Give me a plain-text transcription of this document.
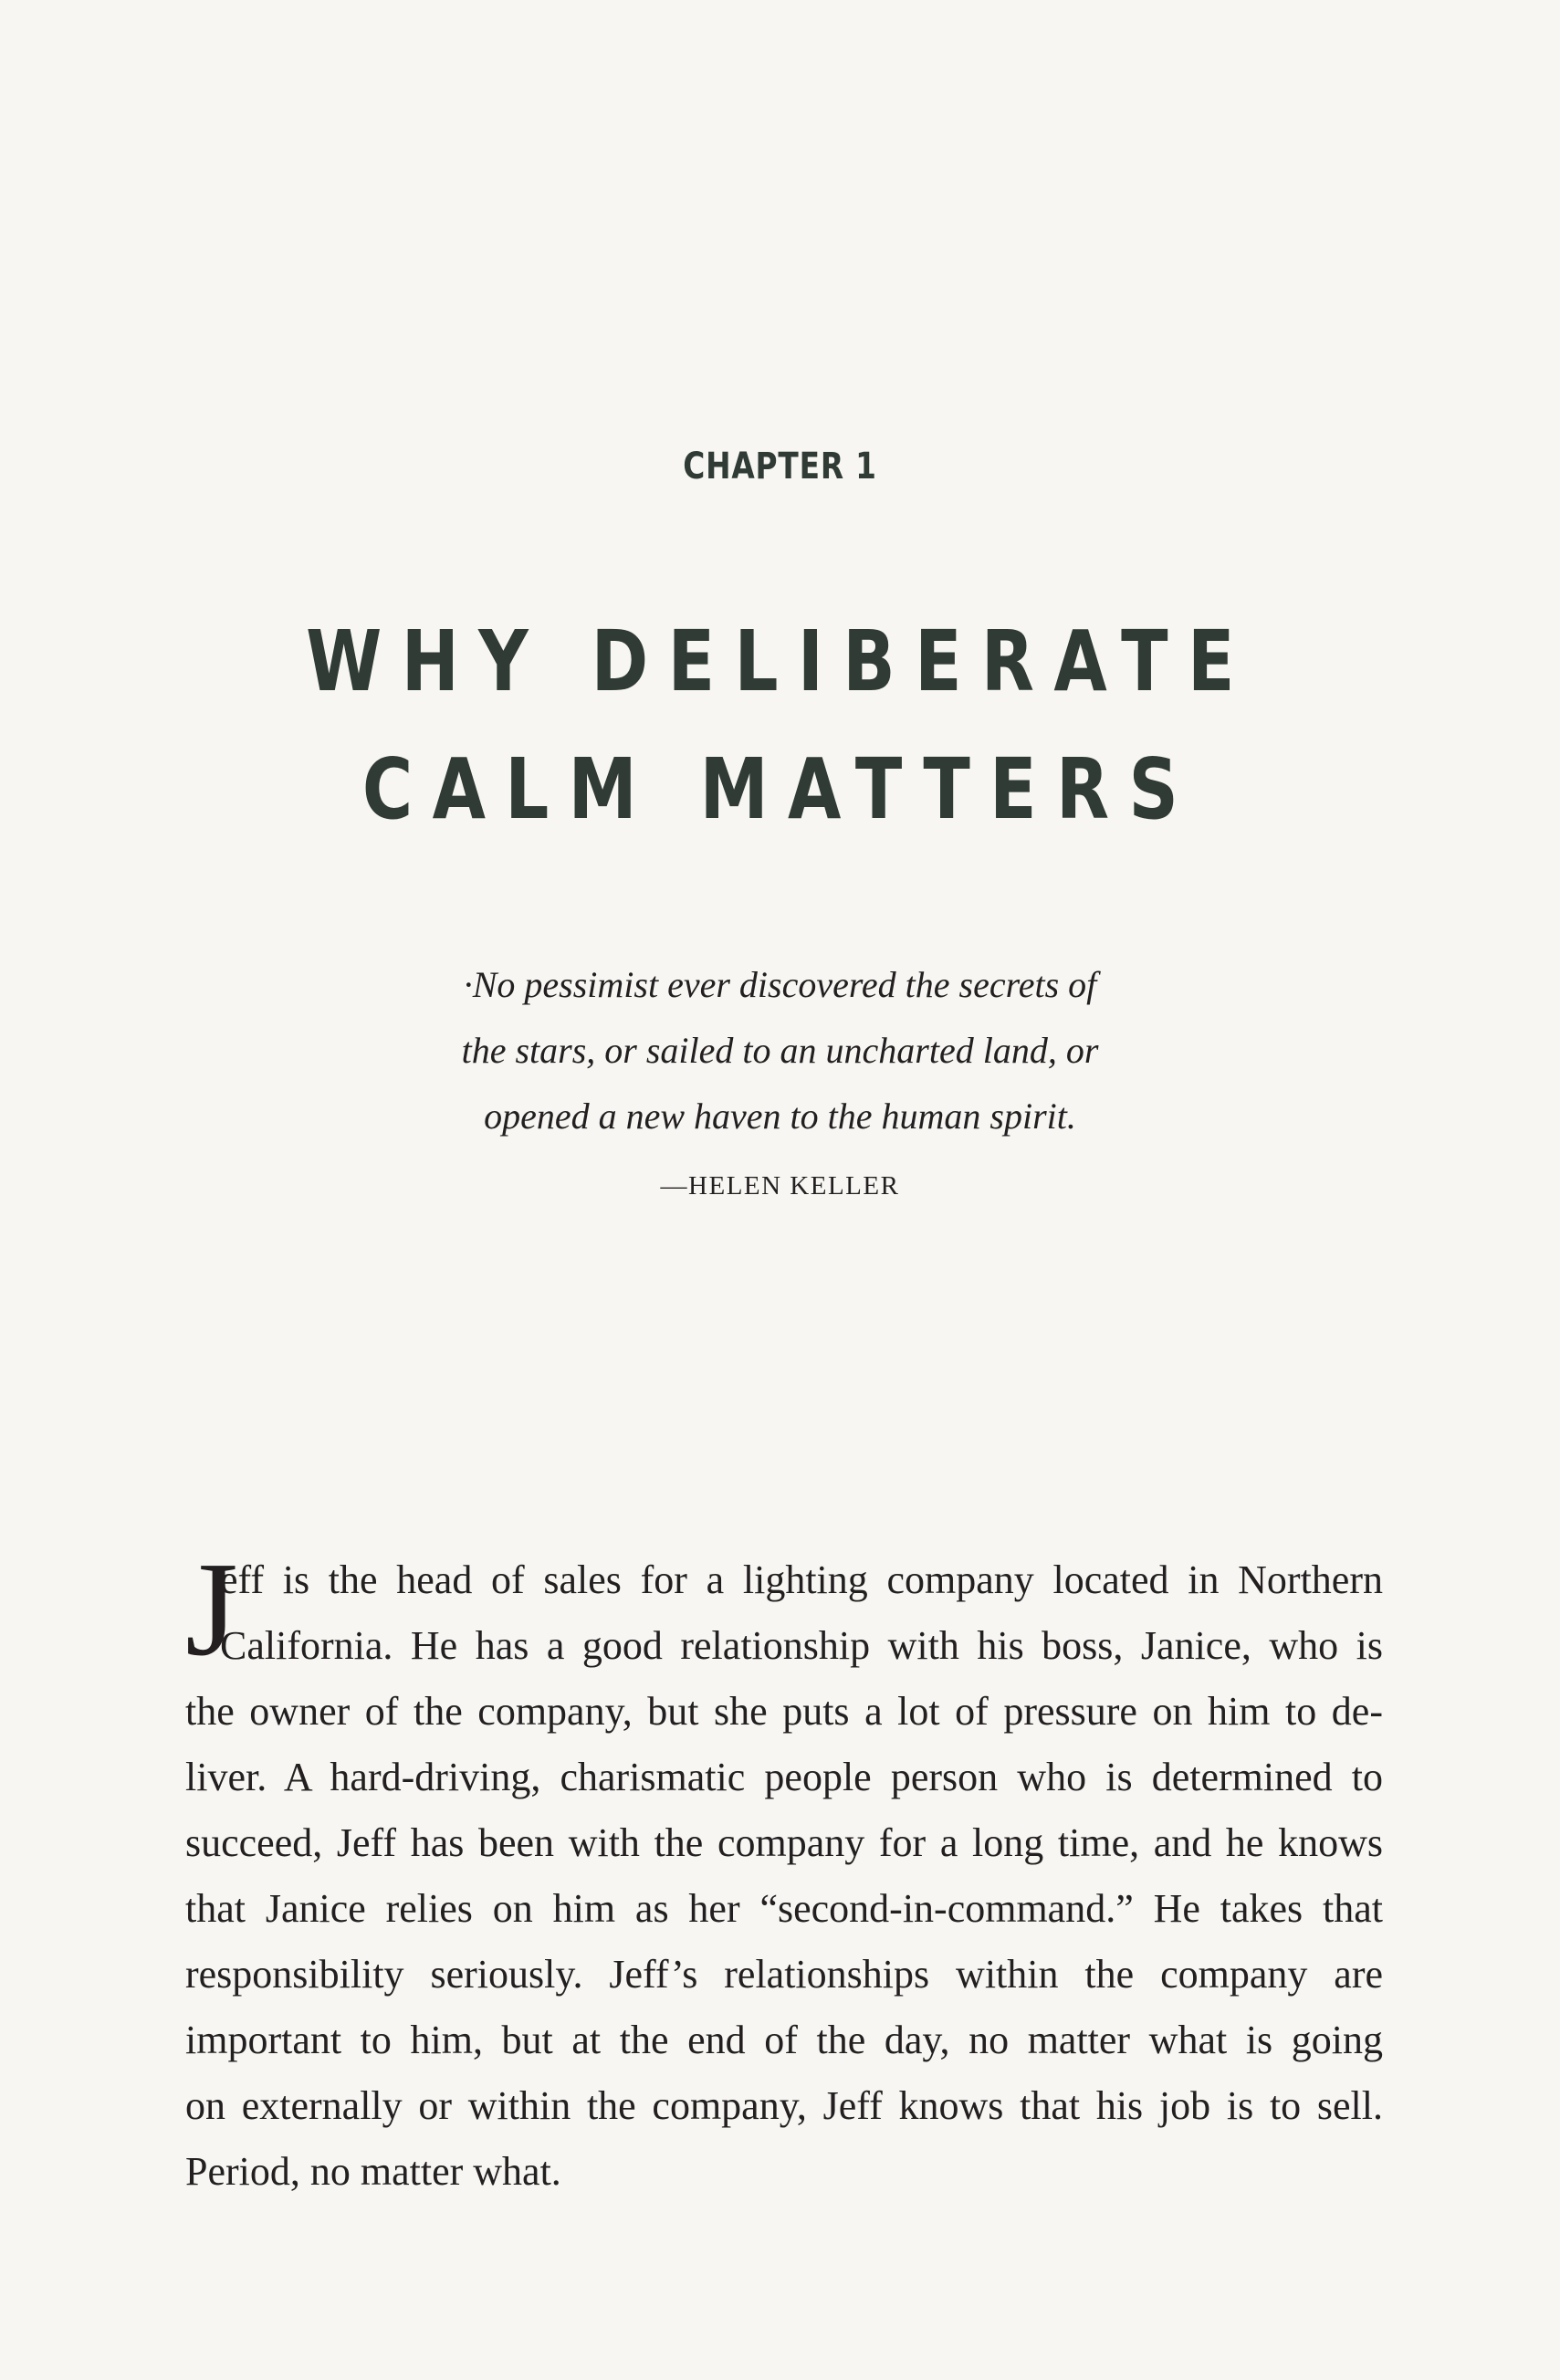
CHAPTER 1
WHY DELIBERATE
CALM MATTERS
·No pessimist ever discovered the secrets of
the stars, or sailed to an uncharted land, or
opened a new haven to the human spirit.
—HELEN KELLER
J
eff is the head of sales for a lighting company located in Northern
California. He has a good relationship with his boss, Janice, who is
the owner of the company, but she puts a lot of pressure on him to de-
liver. A hard-driving, charismatic people person who is determined to
succeed, Jeff has been with the company for a long time, and he knows
that Janice relies on him as her “second-in-command.” He takes that
responsibility seriously. Jeff’s relationships within the company are
important to him, but at the end of the day, no matter what is going
on externally or within the company, Jeff knows that his job is to sell.
Period, no matter what.
